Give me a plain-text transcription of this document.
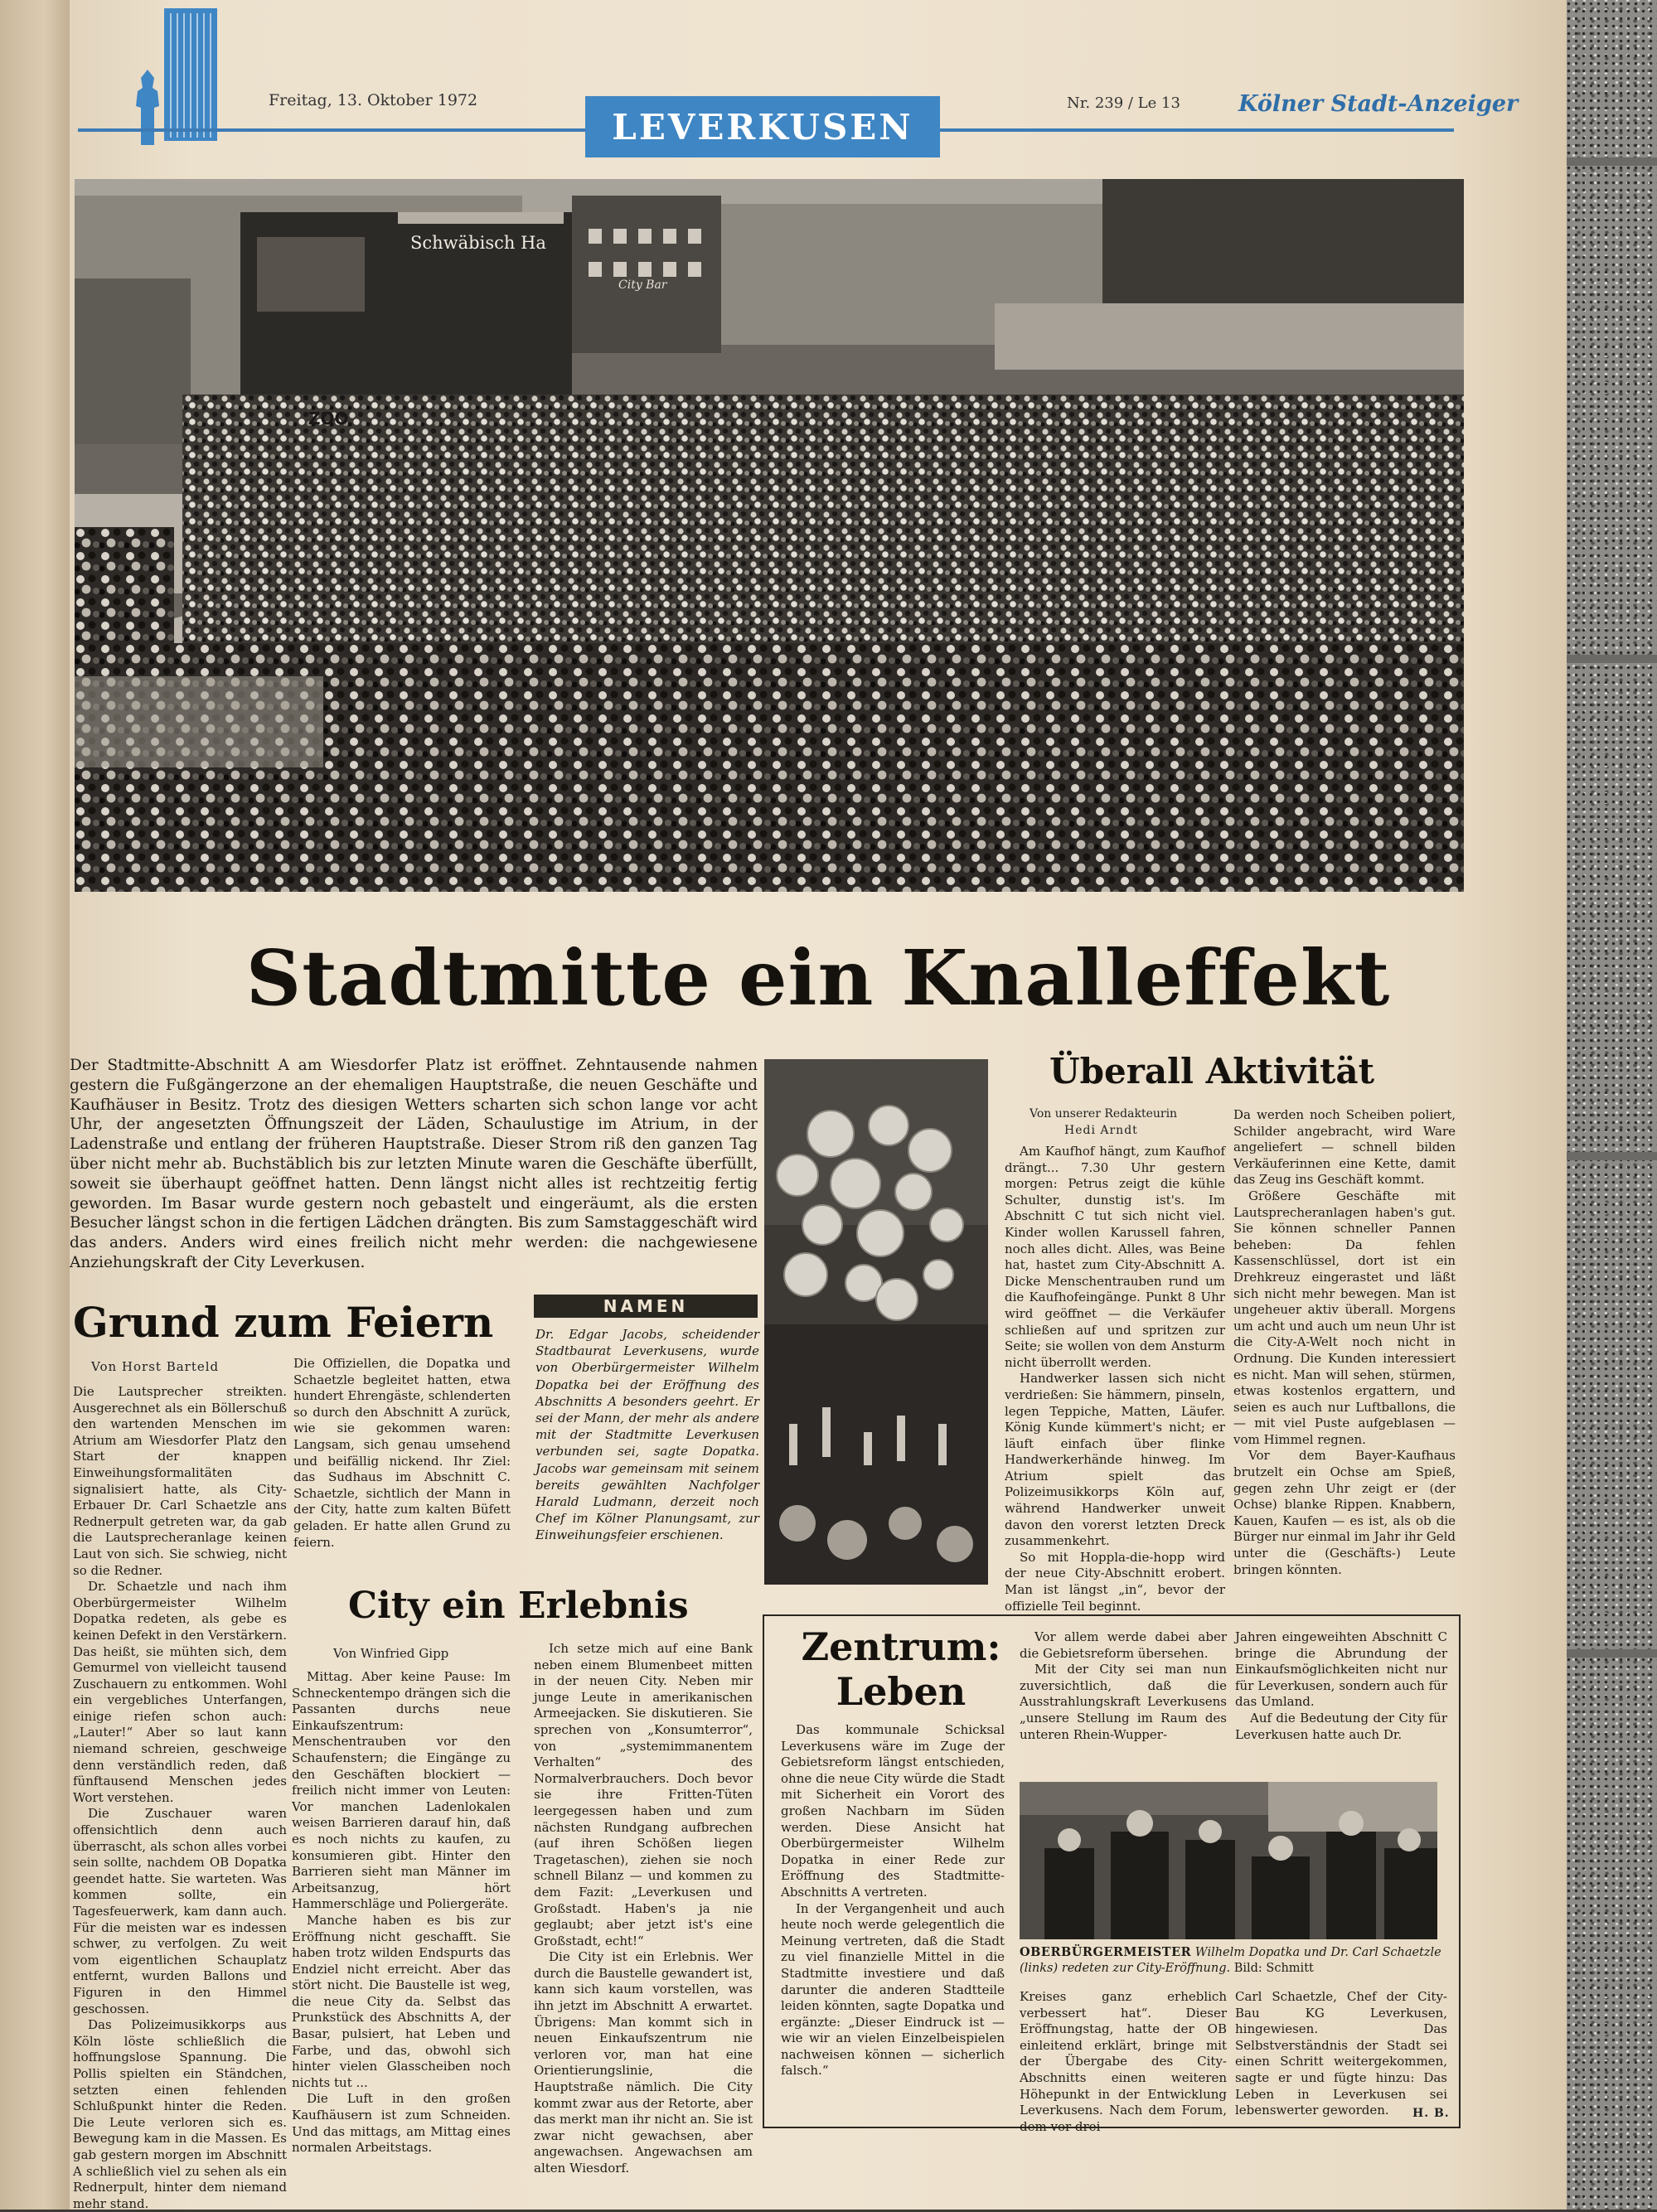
Freitag, 13. Oktober 1972
LEVERKUSEN
Nr. 239 / Le 13	Kölner Stadt-Anzeiger
Schwäbisch Ha
ZOO
City Bar
Stadtmitte ein Knalleffekt
Der Stadtmitte-Abschnitt A am Wiesdorfer Platz ist eröffnet. Zehntausende nahmen gestern die Fußgängerzone an der ehemaligen Hauptstraße, die neuen Geschäfte und Kaufhäuser in Besitz. Trotz des diesigen Wetters scharten sich schon lange vor acht Uhr, der angesetzten Öffnungszeit der Läden, Schaulustige im Atrium, in der Ladenstraße und entlang der früheren Hauptstraße. Dieser Strom riß den ganzen Tag über nicht mehr ab. Buchstäblich bis zur letzten Minute waren die Geschäfte überfüllt, soweit sie überhaupt geöffnet hatten. Denn längst nicht alles ist rechtzeitig fertig geworden. Im Basar wurde gestern noch gebastelt und eingeräumt, als die ersten Besucher längst schon in die fertigen Lädchen drängten. Bis zum Samstaggeschäft wird das anders. Anders wird eines freilich nicht mehr werden: die nachgewiesene Anziehungskraft der City Leverkusen.
Grund zum Feiern
Von Horst Barteld

Die Lautsprecher streikten. Ausgerechnet als ein Böllerschuß den wartenden Menschen im Atrium am Wiesdorfer Platz den Start der knappen Einweihungsformalitäten signalisiert hatte, als City-Erbauer Dr. Carl Schaetzle ans Rednerpult getreten war, da gab die Lautsprecheranlage keinen Laut von sich. Sie schwieg, nicht so die Redner.

Dr. Schaetzle und nach ihm Oberbürgermeister Wilhelm Dopatka redeten, als gebe es keinen Defekt in den Verstärkern. Das heißt, sie mühten sich, dem Gemurmel von vielleicht tausend Zuschauern zu entkommen. Wohl ein vergebliches Unterfangen, einige riefen schon auch: „Lauter!“ Aber so laut kann niemand schreien, geschweige denn verständlich reden, daß fünftausend Menschen jedes Wort verstehen.

Die Zuschauer waren offensichtlich denn auch überrascht, als schon alles vorbei sein sollte, nachdem OB Dopatka geendet hatte. Sie warteten. Was kommen sollte, ein Tagesfeuerwerk, kam dann auch. Für die meisten war es indessen schwer, zu verfolgen. Zu weit vom eigentlichen Schauplatz entfernt, wurden Ballons und Figuren in den Himmel geschossen.

Das Polizeimusikkorps aus Köln löste schließlich die hoffnungslose Spannung. Die Pollis spielten ein Ständchen, setzten einen fehlenden Schlußpunkt hinter die Reden. Die Leute verloren sich es. Bewegung kam in die Massen. Es gab gestern morgen im Abschnitt A schließlich viel zu sehen als ein Rednerpult, hinter dem niemand mehr stand.

Die Offiziellen, die Dopatka und Schaetzle begleitet hatten, etwa hundert Ehrengäste, schlenderten so durch den Abschnitt A zurück, wie sie gekommen waren: Langsam, sich genau umsehend und beifällig nickend. Ihr Ziel: das Sudhaus im Abschnitt C. Schaetzle, sichtlich der Mann in der City, hatte zum kalten Büfett geladen. Er hatte allen Grund zu feiern.

NAMEN
Dr. Edgar Jacobs, scheidender Stadtbaurat Leverkusens, wurde von Oberbürgermeister Wilhelm Dopatka bei der Eröffnung des Abschnitts A besonders geehrt. Er sei der Mann, der mehr als andere mit der Stadtmitte Leverkusen verbunden sei, sagte Dopatka. Jacobs war gemeinsam mit seinem bereits gewählten Nachfolger Harald Ludmann, derzeit noch Chef im Kölner Planungsamt, zur Einweihungsfeier erschienen.
City ein Erlebnis
Von Winfried Gipp

Mittag. Aber keine Pause: Im Schneckentempo drängen sich die Passanten durchs neue Einkaufszentrum: Menschentrauben vor den Schaufenstern; die Eingänge zu den Geschäften blockiert — freilich nicht immer von Leuten: Vor manchen Ladenlokalen weisen Barrieren darauf hin, daß es noch nichts zu kaufen, zu konsumieren gibt. Hinter den Barrieren sieht man Männer im Arbeitsanzug, hört Hammerschläge und Poliergeräte.

Manche haben es bis zur Eröffnung nicht geschafft. Sie haben trotz wilden Endspurts das Endziel nicht erreicht. Aber das stört nicht. Die Baustelle ist weg, die neue City da. Selbst das Prunkstück des Abschnitts A, der Basar, pulsiert, hat Leben und Farbe, und das, obwohl sich hinter vielen Glasscheiben noch nichts tut ...

Die Luft in den großen Kaufhäusern ist zum Schneiden. Und das mittags, am Mittag eines normalen Arbeitstags.

Ich setze mich auf eine Bank neben einem Blumenbeet mitten in der neuen City. Neben mir junge Leute in amerikanischen Armeejacken. Sie diskutieren. Sie sprechen von „Konsumterror“, von „systemimmanentem Verhalten“ des Normalverbrauchers. Doch bevor sie ihre Fritten-Tüten leergegessen haben und zum nächsten Rundgang aufbrechen (auf ihren Schößen liegen Tragetaschen), ziehen sie noch schnell Bilanz — und kommen zu dem Fazit: „Leverkusen und Großstadt. Haben's ja nie geglaubt; aber jetzt ist's eine Großstadt, echt!“

Die City ist ein Erlebnis. Wer durch die Baustelle gewandert ist, kann sich kaum vorstellen, was ihn jetzt im Abschnitt A erwartet. Übrigens: Man kommt sich in neuen Einkaufszentrum nie verloren vor, man hat eine Orientierungslinie, die Hauptstraße nämlich. Die City kommt zwar aus der Retorte, aber das merkt man ihr nicht an. Sie ist zwar nicht gewachsen, aber angewachsen. Angewachsen am alten Wiesdorf.

Überall Aktivität
Von unserer Redakteurin
Hedi Arndt

Am Kaufhof hängt, zum Kaufhof drängt... 7.30 Uhr gestern morgen: Petrus zeigt die kühle Schulter, dunstig ist's. Im Abschnitt C tut sich nicht viel. Kinder wollen Karussell fahren, noch alles dicht. Alles, was Beine hat, hastet zum City-Abschnitt A. Dicke Menschentrauben rund um die Kaufhofeingänge. Punkt 8 Uhr wird geöffnet — die Verkäufer schließen auf und spritzen zur Seite; sie wollen von dem Ansturm nicht überrollt werden.

Handwerker lassen sich nicht verdrießen: Sie hämmern, pinseln, legen Teppiche, Matten, Läufer. König Kunde kümmert's nicht; er läuft einfach über flinke Handwerkerhände hinweg. Im Atrium spielt das Polizeimusikkorps Köln auf, während Handwerker unweit davon den vorerst letzten Dreck zusammenkehrt.

So mit Hoppla-die-hopp wird der neue City-Abschnitt erobert. Man ist längst „in“, bevor der offizielle Teil beginnt.

Da werden noch Scheiben poliert, Schilder angebracht, wird Ware angeliefert — schnell bilden Verkäuferinnen eine Kette, damit das Zeug ins Geschäft kommt.

Größere Geschäfte mit Lautsprecheranlagen haben's gut. Sie können schneller Pannen beheben: Da fehlen Kassenschlüssel, dort ist ein Drehkreuz eingerastet und läßt sich nicht mehr bewegen. Man ist ungeheuer aktiv überall. Morgens um acht und auch um neun Uhr ist die City-A-Welt noch nicht in Ordnung. Die Kunden interessiert es nicht. Man will sehen, stürmen, etwas kostenlos ergattern, und seien es auch nur Luftballons, die — mit viel Puste aufgeblasen — vom Himmel regnen.

Vor dem Bayer-Kaufhaus brutzelt ein Ochse am Spieß, gegen zehn Uhr zeigt er (der Ochse) blanke Rippen. Knabbern, Kauen, Kaufen — es ist, als ob die Bürger nur einmal im Jahr ihr Geld unter die (Geschäfts-) Leute bringen könnten.

Zentrum:
Leben

Das kommunale Schicksal Leverkusens wäre im Zuge der Gebietsreform längst entschieden, ohne die neue City würde die Stadt mit Sicherheit ein Vorort des großen Nachbarn im Süden werden. Diese Ansicht hat Oberbürgermeister Wilhelm Dopatka in einer Rede zur Eröffnung des Stadtmitte-Abschnitts A vertreten.

In der Vergangenheit und auch heute noch werde gelegentlich die Meinung vertreten, daß die Stadt zu viel finanzielle Mittel in die Stadtmitte investiere und daß darunter die anderen Stadtteile leiden könnten, sagte Dopatka und ergänzte: „Dieser Eindruck ist — wie wir an vielen Einzelbeispielen nachweisen können — sicherlich falsch.“

Vor allem werde dabei aber die Gebietsreform übersehen.

Mit der City sei man nun zuversichtlich, daß die Ausstrahlungskraft Leverkusens „unsere Stellung im Raum des unteren Rhein-Wupper-

Jahren eingeweihten Abschnitt C bringe die Abrundung der Einkaufsmöglichkeiten nicht nur für Leverkusen, sondern auch für das Umland.

Auf die Bedeutung der City für Leverkusen hatte auch Dr.

OBERBÜRGERMEISTER Wilhelm Dopatka und Dr. Carl Schaetzle (links) redeten zur City-Eröffnung. Bild: Schmitt

Kreises ganz erheblich verbessert hat“. Dieser Eröffnungstag, hatte der OB einleitend erklärt, bringe mit der Übergabe des City-Abschnitts einen weiteren Höhepunkt in der Entwicklung Leverkusens. Nach dem Forum, dem vor drei

Carl Schaetzle, Chef der City-Bau KG Leverkusen, hingewiesen. Das Selbstverständnis der Stadt sei einen Schritt weitergekommen, sagte er und fügte hinzu: Das Leben in Leverkusen sei lebenswerter geworden.	H. B.
